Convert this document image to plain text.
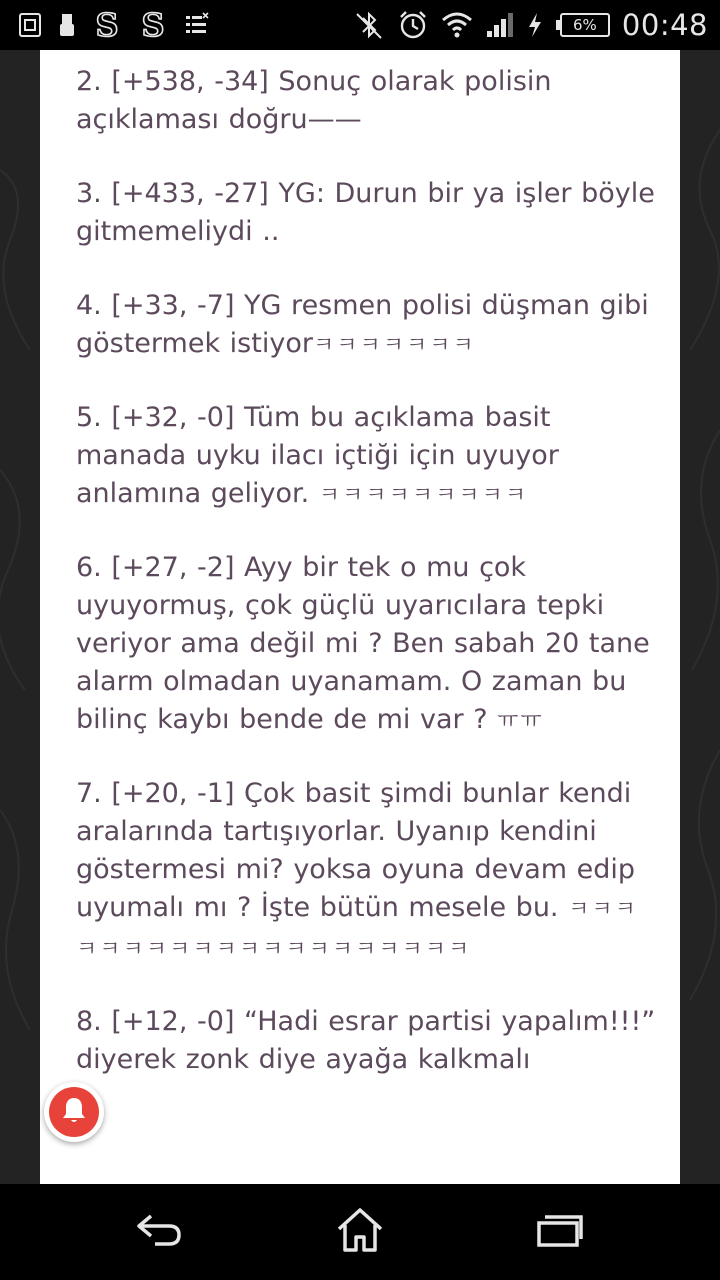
S S	6% 00:48
2. [+538, -34] Sonuç olarak polisin açıklaması doğru——
3. [+433, -27] YG: Durun bir ya işler böyle gitmemeliydi ..
4. [+33, -7] YG resmen polisi düşman gibi göstermek istiyorㅋㅋㅋㅋㅋㅋㅋ
5. [+32, -0] Tüm bu açıklama basit manada uyku ilacı içtiği için uyuyor anlamına geliyor. ㅋㅋㅋㅋㅋㅋㅋㅋㅋ
6. [+27, -2] Ayy bir tek o mu çok uyuyormuş, çok güçlü uyarıcılara tepki veriyor ama değil mi ? Ben sabah 20 tane alarm olmadan uyanamam. O zaman bu bilinç kaybı bende de mi var ? ㅠㅠ
7. [+20, -1] Çok basit şimdi bunlar kendi aralarında tartışıyorlar. Uyanıp kendini göstermesi mi? yoksa oyuna devam edip uyumalı mı ? İşte bütün mesele bu. ㅋㅋㅋㅋㅋㅋㅋㅋㅋㅋㅋㅋㅋㅋㅋㅋㅋㅋㅋㅋ
8. [+12, -0] “Hadi esrar partisi yapalım!!!” diyerek zonk diye ayağa kalkmalı
